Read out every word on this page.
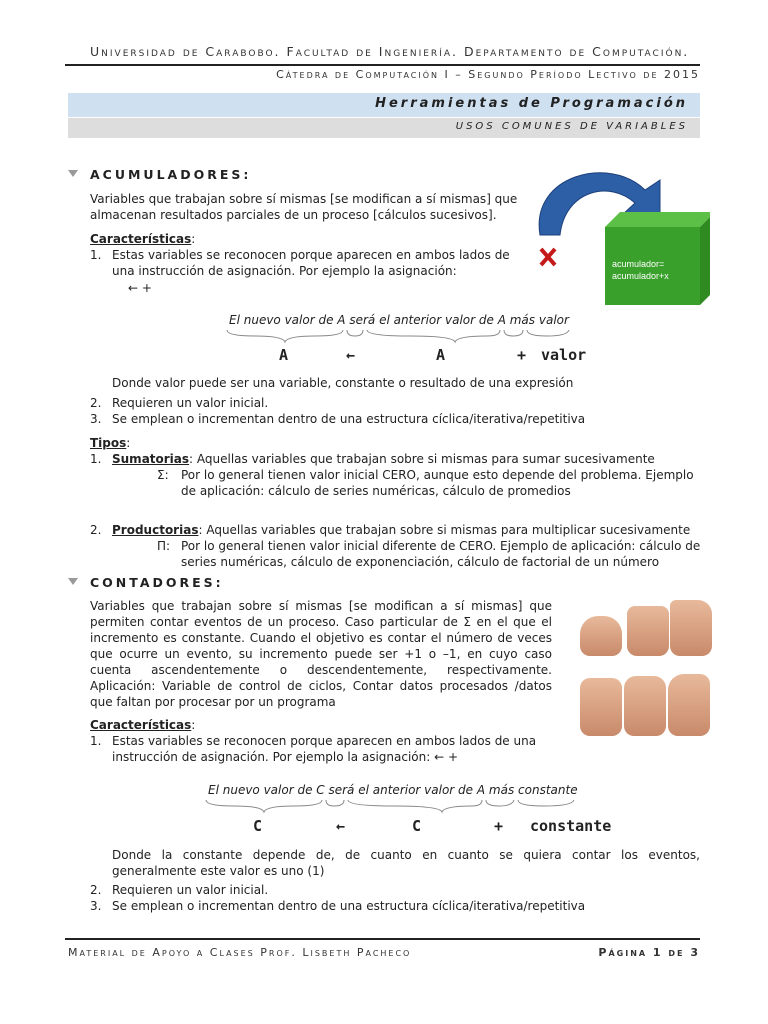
Universidad de Carabobo. Facultad de Ingeniería. Departamento de Computación.
Cátedra de Computación I – Segundo Período Lectivo de 2015
Herramientas de Programación
USOS COMUNES DE VARIABLES
ACUMULADORES:

Variables que trabajan sobre sí mismas [se modifican a sí mismas] que almacenan resultados parciales de un proceso [cálculos sucesivos].

Características:
1. Estas variables se reconocen porque aparecen en ambos lados de una instrucción de asignación. Por ejemplo la asignación:
← +
acumulador=
acumulador+x
El nuevo valor de A será el anterior valor de A más valor
A	←	A	+ valor
Donde valor puede ser una variable, constante o resultado de una expresión
2. Requieren un valor inicial.
3. Se emplean o incrementan dentro de una estructura cíclica/iterativa/repetitiva
Tipos:
1. Sumatorias: Aquellas variables que trabajan sobre si mismas para sumar sucesivamente
Σ: Por lo general tienen valor inicial CERO, aunque esto depende del problema. Ejemplo de aplicación: cálculo de series numéricas, cálculo de promedios
2. Productorias: Aquellas variables que trabajan sobre si mismas para multiplicar sucesivamente
Π: Por lo general tienen valor inicial diferente de CERO. Ejemplo de aplicación: cálculo de series numéricas, cálculo de exponenciación, cálculo de factorial de un número
CONTADORES:

Variables que trabajan sobre sí mismas [se modifican a sí mismas] que permiten contar eventos de un proceso. Caso particular de Σ en el que el incremento es constante. Cuando el objetivo es contar el número de veces que ocurre un evento, su incremento puede ser +1 o –1, en cuyo caso cuenta ascendentemente o descendentemente, respectivamente. Aplicación: Variable de control de ciclos, Contar datos procesados /datos que faltan por procesar por un programa

Características:
1. Estas variables se reconocen porque aparecen en ambos lados de una instrucción de asignación. Por ejemplo la asignación: ← +
El nuevo valor de C será el anterior valor de A más constante
C	←	C	+ constante

Donde la constante depende de, de cuanto en cuanto se quiera contar los eventos, generalmente este valor es uno (1)

2. Requieren un valor inicial.
3. Se emplean o incrementan dentro de una estructura cíclica/iterativa/repetitiva
Material de Apoyo a Clases Prof. Lisbeth Pacheco	Página 1 de 3
